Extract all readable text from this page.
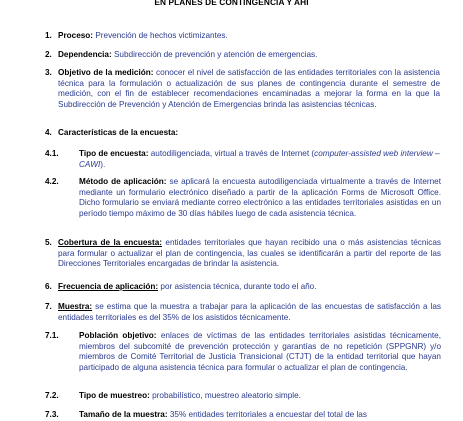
EN PLANES DE CONTINGENCIA Y AHI
1. Proceso: Prevención de hechos victimizantes.
2. Dependencia: Subdirección de prevención y atención de emergencias.
3. Objetivo de la medición: conocer el nivel de satisfacción de las entidades territoriales con la asistencia técnica para la formulación o actualización de sus planes de contingencia durante el semestre de medición, con el fin de establecer recomendaciones encaminadas a mejorar la forma en la que la Subdirección de Prevención y Atención de Emergencias brinda las asistencias técnicas.
4. Características de la encuesta:
4.1. Tipo de encuesta: autodiligenciada, virtual a través de Internet (computer-assisted web interview – CAWI).
4.2. Método de aplicación: se aplicará la encuesta autodiligenciada virtualmente a través de Internet mediante un formulario electrónico diseñado a partir de la aplicación Forms de Microsoft Office. Dicho formulario se enviará mediante correo electrónico a las entidades territoriales asistidas en un período tiempo máximo de 30 días hábiles luego de cada asistencia técnica.
5. Cobertura de la encuesta: entidades territoriales que hayan recibido una o más asistencias técnicas para formular o actualizar el plan de contingencia, las cuales se identificarán a partir del reporte de las Direcciones Territoriales encargadas de brindar la asistencia.
6. Frecuencia de aplicación: por asistencia técnica, durante todo el año.
7. Muestra: se estima que la muestra a trabajar para la aplicación de las encuestas de satisfacción a las entidades territoriales es del 35% de los asistidos técnicamente.
7.1. Población objetivo: enlaces de víctimas de las entidades territoriales asistidas técnicamente, miembros del subcomité de prevención protección y garantías de no repetición (SPPGNR) y/o miembros de Comité Territorial de Justicia Transicional (CTJT) de la entidad territorial que hayan participado de alguna asistencia técnica para formular o actualizar el plan de contingencia.
7.2. Tipo de muestreo: probabilístico, muestreo aleatorio simple.
7.3. Tamaño de la muestra: 35% entidades territoriales a encuestar del total de las
